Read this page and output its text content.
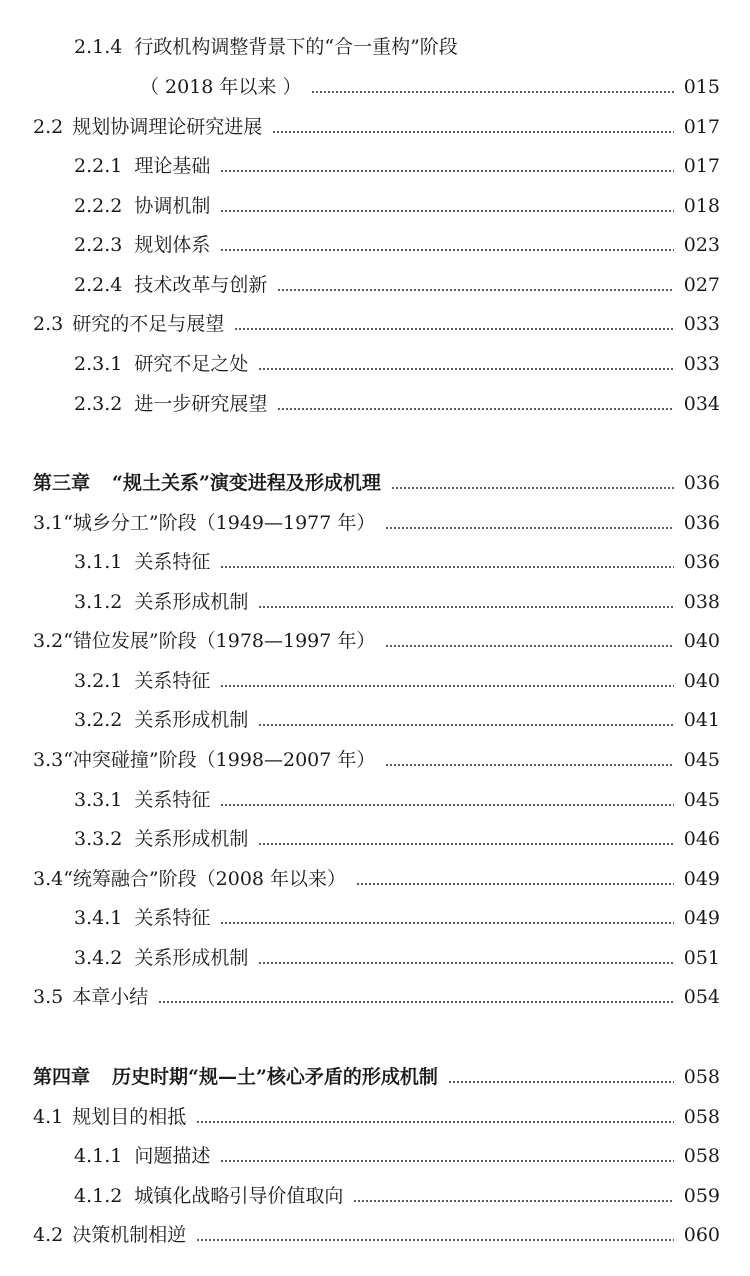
2.1.4 行政机构调整背景下的“合一重构”阶段
（ 2018 年以来 ）	015
2.2 规划协调理论研究进展	017
2.2.1 理论基础	017
2.2.2 协调机制	018
2.2.3 规划体系	023
2.2.4 技术改革与创新	027
2.3 研究的不足与展望	033
2.3.1 研究不足之处	033
2.3.2 进一步研究展望	034
第三章 “规土关系”演变进程及形成机理	036
3.1 “城乡分工”阶段（1949—1977 年）	036
3.1.1 关系特征	036
3.1.2 关系形成机制	038
3.2 “错位发展”阶段（1978—1997 年）	040
3.2.1 关系特征	040
3.2.2 关系形成机制	041
3.3 “冲突碰撞”阶段（1998—2007 年）	045
3.3.1 关系特征	045
3.3.2 关系形成机制	046
3.4 “统筹融合”阶段（2008 年以来）	049
3.4.1 关系特征	049
3.4.2 关系形成机制	051
3.5 本章小结	054
第四章 历史时期“规—土”核心矛盾的形成机制	058
4.1 规划目的相抵	058
4.1.1 问题描述	058
4.1.2 城镇化战略引导价值取向	059
4.2 决策机制相逆	060
